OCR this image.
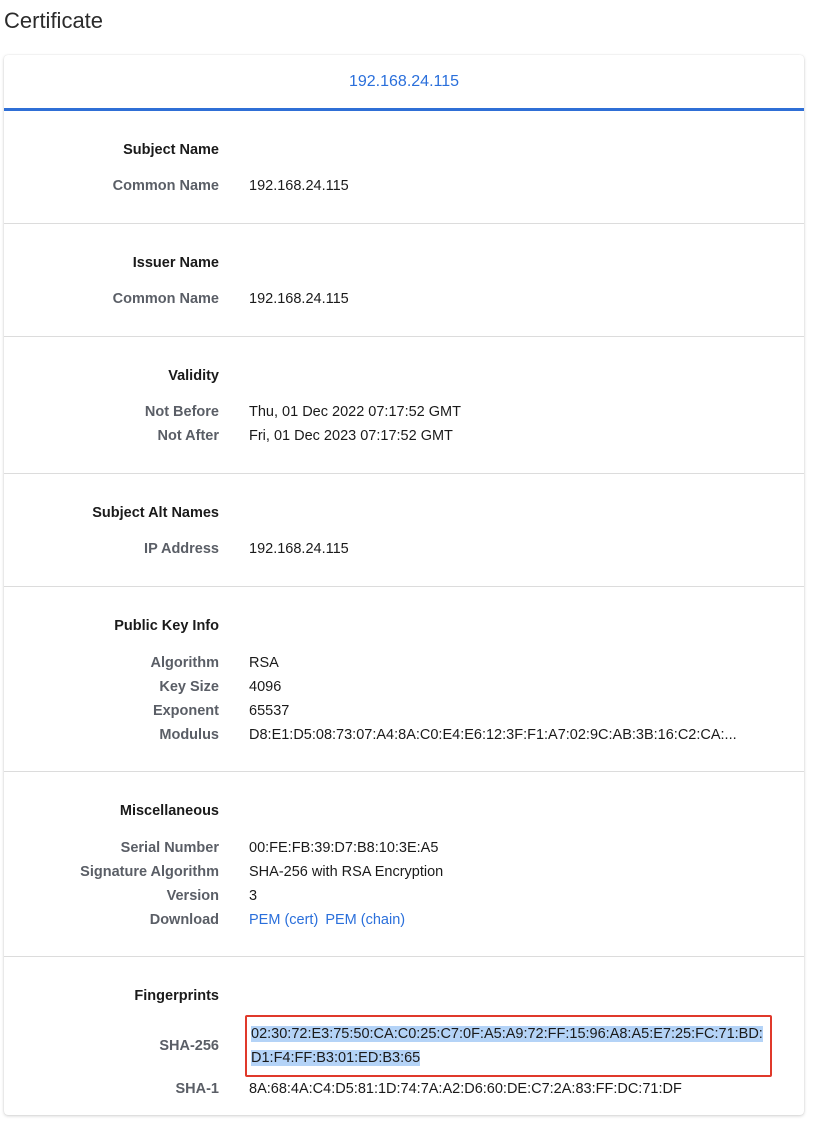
Certificate
192.168.24.115
Subject Name
Common Name 192.168.24.115
Issuer Name
Common Name 192.168.24.115
Validity
Not Before Thu, 01 Dec 2022 07:17:52 GMT
Not After Fri, 01 Dec 2023 07:17:52 GMT
Subject Alt Names
IP Address 192.168.24.115
Public Key Info
Algorithm RSA
Key Size 4096
Exponent 65537
Modulus D8:E1:D5:08:73:07:A4:8A:C0:E4:E6:12:3F:F1:A7:02:9C:AB:3B:16:C2:CA:...
Miscellaneous
Serial Number 00:FE:FB:39:D7:B8:10:3E:A5
Signature Algorithm SHA-256 with RSA Encryption
Version 3
Download PEM (cert) PEM (chain)
Fingerprints
SHA-256
02:30:72:E3:75:50:CA:C0:25:C7:0F:A5:A9:72:FF:15:96:A8:A5:E7:25:FC:71:BD:D1:F4:FF:B3:01:ED:B3:65
SHA-1 8A:68:4A:C4:D5:81:1D:74:7A:A2:D6:60:DE:C7:2A:83:FF:DC:71:DF
